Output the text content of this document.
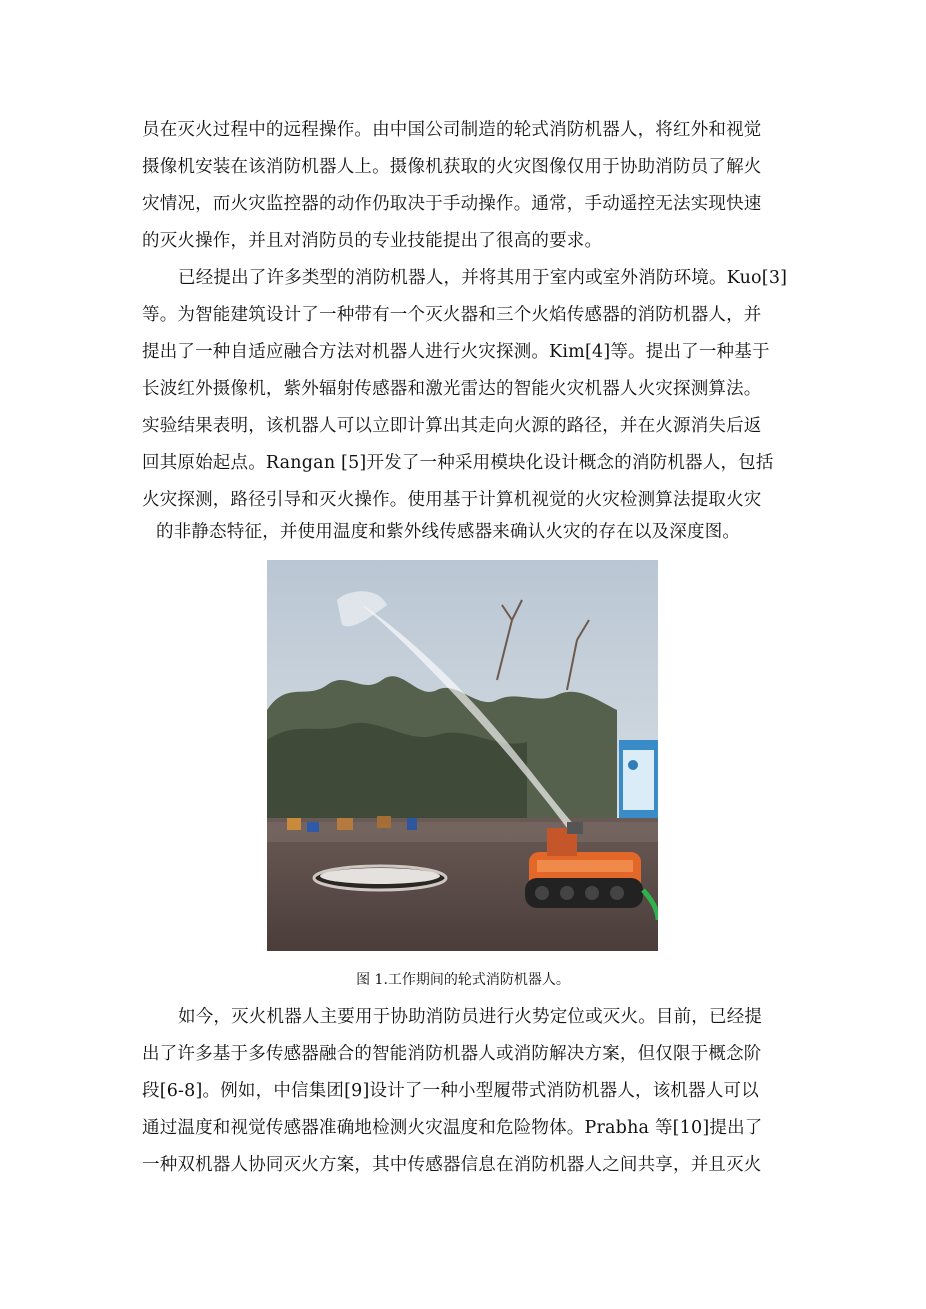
员在灭火过程中的远程操作。由中国公司制造的轮式消防机器人，将红外和视觉
摄像机安装在该消防机器人上。摄像机获取的火灾图像仅用于协助消防员了解火
灾情况，而火灾监控器的动作仍取决于手动操作。通常，手动遥控无法实现快速
的灭火操作，并且对消防员的专业技能提出了很高的要求。
已经提出了许多类型的消防机器人，并将其用于室内或室外消防环境。Kuo[3]
等。为智能建筑设计了一种带有一个灭火器和三个火焰传感器的消防机器人，并
提出了一种自适应融合方法对机器人进行火灾探测。Kim[4]等。提出了一种基于
长波红外摄像机，紫外辐射传感器和激光雷达的智能火灾机器人火灾探测算法。
实验结果表明，该机器人可以立即计算出其走向火源的路径，并在火源消失后返
回其原始起点。Rangan [5]开发了一种采用模块化设计概念的消防机器人，包括
火灾探测，路径引导和灭火操作。使用基于计算机视觉的火灾检测算法提取火灾
的非静态特征，并使用温度和紫外线传感器来确认火灾的存在以及深度图。
图 1.工作期间的轮式消防机器人。
如今，灭火机器人主要用于协助消防员进行火势定位或灭火。目前，已经提
出了许多基于多传感器融合的智能消防机器人或消防解决方案，但仅限于概念阶
段[6-8]。例如，中信集团[9]设计了一种小型履带式消防机器人，该机器人可以
通过温度和视觉传感器准确地检测火灾温度和危险物体。Prabha 等[10]提出了
一种双机器人协同灭火方案，其中传感器信息在消防机器人之间共享，并且灭火
